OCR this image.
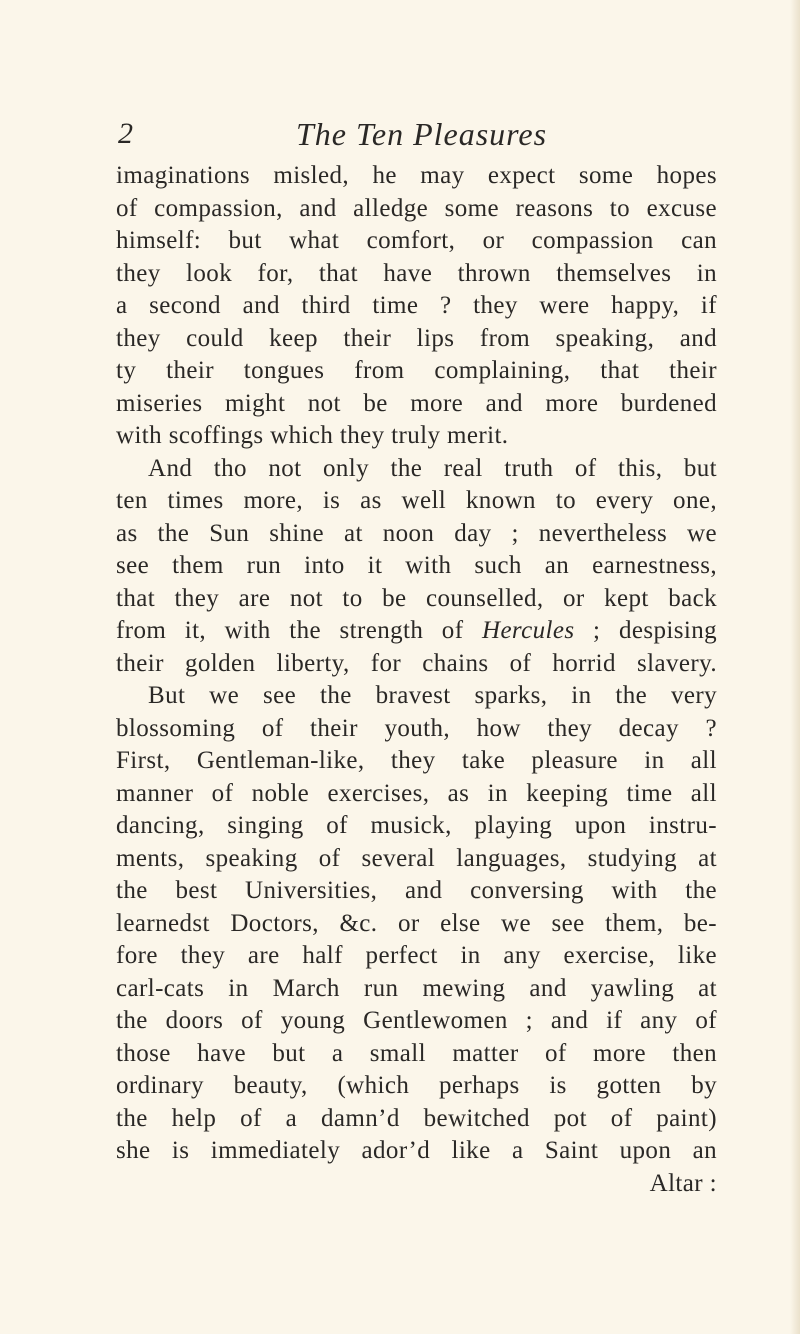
2	The Ten Pleasures
imaginations misled, he may expect some hopes
of compassion, and alledge some reasons to excuse
himself: but what comfort, or compassion can
they look for, that have thrown themselves in
a second and third time ? they were happy, if
they could keep their lips from speaking, and
ty their tongues from complaining, that their
miseries might not be more and more burdened
with scoffings which they truly merit.
And tho not only the real truth of this, but
ten times more, is as well known to every one,
as the Sun shine at noon day ; nevertheless we
see them run into it with such an earnestness,
that they are not to be counselled, or kept back
from it, with the strength of Hercules ; despising
their golden liberty, for chains of horrid slavery.
But we see the bravest sparks, in the very
blossoming of their youth, how they decay ?
First, Gentleman-like, they take pleasure in all
manner of noble exercises, as in keeping time all
dancing, singing of musick, playing upon instru-
ments, speaking of several languages, studying at
the best Universities, and conversing with the
learnedst Doctors, &c. or else we see them, be-
fore they are half perfect in any exercise, like
carl-cats in March run mewing and yawling at
the doors of young Gentlewomen ; and if any of
those have but a small matter of more then
ordinary beauty, (which perhaps is gotten by
the help of a damn’d bewitched pot of paint)
she is immediately ador’d like a Saint upon an
Altar :
